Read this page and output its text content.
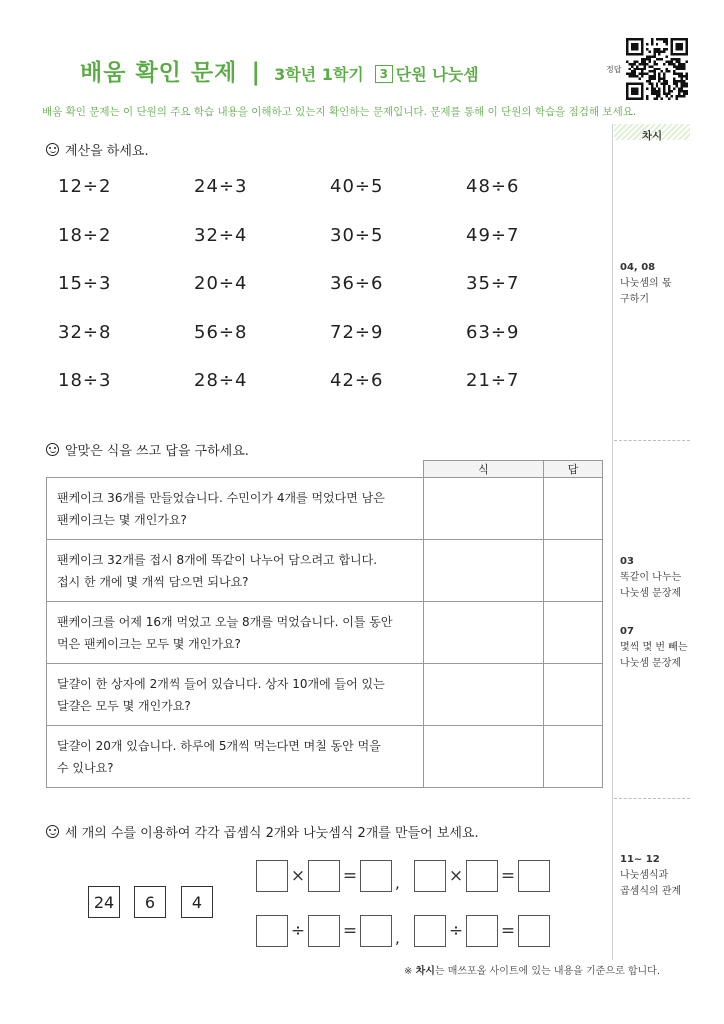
배움 확인 문제 | 3학년 1학기	3 단원 나눗셈	정답
배움 확인 문제는 이 단원의 주요 학습 내용을 이해하고 있는지 확인하는 문제입니다. 문제를 통해 이 단원의 학습을 점검해 보세요.
차시
04, 08
나눗셈의 몫
구하기
03
똑같이 나누는
나눗셈 문장제
07
몇씩 몇 번 빼는
나눗셈 문장제
11~ 12
나눗셈식과
곱셈식의 관계
계산을 하세요.
12÷2	24÷3	40÷5	48÷6
18÷2	32÷4	30÷5	49÷7
15÷3	20÷4	36÷6	35÷7
32÷8	56÷8	72÷9	63÷9
18÷3	28÷4	42÷6	21÷7
알맞은 식을 쓰고 답을 구하세요.
	식	답

팬케이크 36개를 만들었습니다. 수민이가 4개를 먹었다면 남은
팬케이크는 몇 개인가요?		

팬케이크 32개를 접시 8개에 똑같이 나누어 담으려고 합니다.
접시 한 개에 몇 개씩 담으면 되나요?		

팬케이크를 어제 16개 먹었고 오늘 8개를 먹었습니다. 이틀 동안
먹은 팬케이크는 모두 몇 개인가요?		

달걀이 한 상자에 2개씩 들어 있습니다. 상자 10개에 들어 있는
달걀은 모두 몇 개인가요?		

달걀이 20개 있습니다. 하루에 5개씩 먹는다면 며칠 동안 먹을
수 있나요?		

세 개의 수를 이용하여 각각 곱셈식 2개와 나눗셈식 2개를 만들어 보세요.
24	6	4
× =	,	× =
÷ =	,	÷ =
※ 차시는 매쓰포올 사이트에 있는 내용을 기준으로 합니다.
